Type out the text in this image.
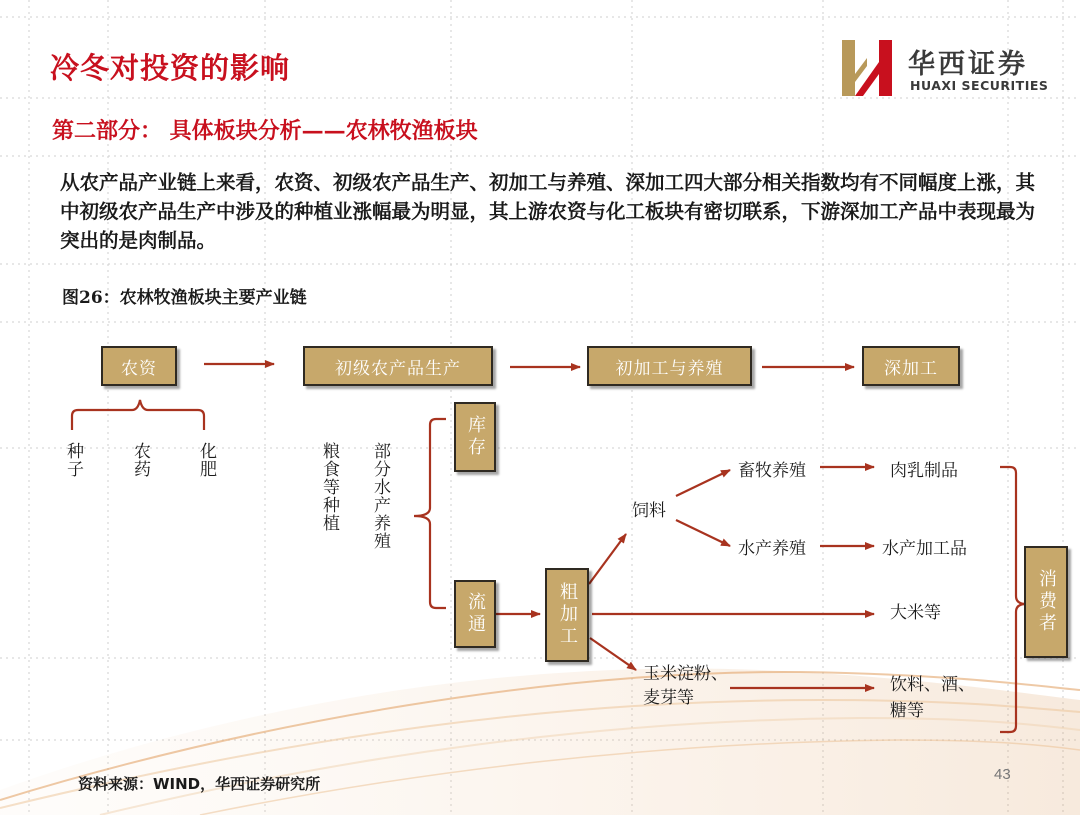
冷冬对投资的影响
第二部分： 具体板块分析——农林牧渔板块
从农产品产业链上来看，农资、初级农产品生产、初加工与养殖、深加工四大部分相关指数均有不同幅度上涨，其中初级农产品生产中涉及的种植业涨幅最为明显，其上游农资与化工板块有密切联系，下游深加工产品中表现最为突出的是肉制品。
图26：农林牧渔板块主要产业链
华西证券
HUAXI SECURITIES
农资	初级农产品生产	初加工与养殖	深加工
库存
流通	粗加工	消费者
种子	农药	化肥	粮食等种植 部分水产养殖	饲料
畜牧养殖
水产养殖
玉米淀粉、麦芽等
肉乳制品
水产加工品
大米等
饮料、酒、糖等
资料来源：WIND，华西证券研究所
43
